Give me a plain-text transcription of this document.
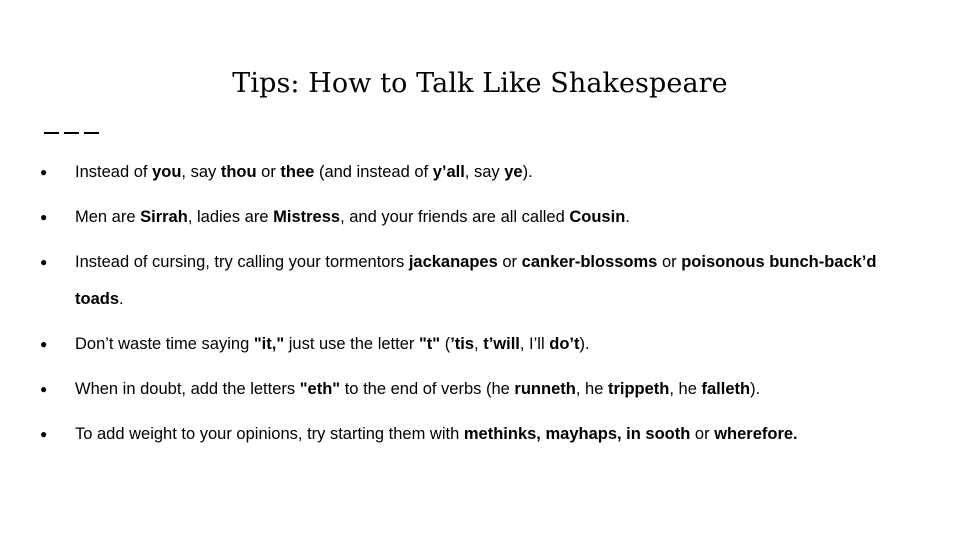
Tips: How to Talk Like Shakespeare
● Instead of you, say thou or thee (and instead of y’all, say ye).
● Men are Sirrah, ladies are Mistress, and your friends are all called Cousin.
● Instead of cursing, try calling your tormentors jackanapes or canker-blossoms or poisonous bunch-back’d toads.
● Don’t waste time saying "it," just use the letter "t" (’tis, t’will, I’ll do’t).
● When in doubt, add the letters "eth" to the end of verbs (he runneth, he trippeth, he falleth).
● To add weight to your opinions, try starting them with methinks, mayhaps, in sooth or wherefore.
